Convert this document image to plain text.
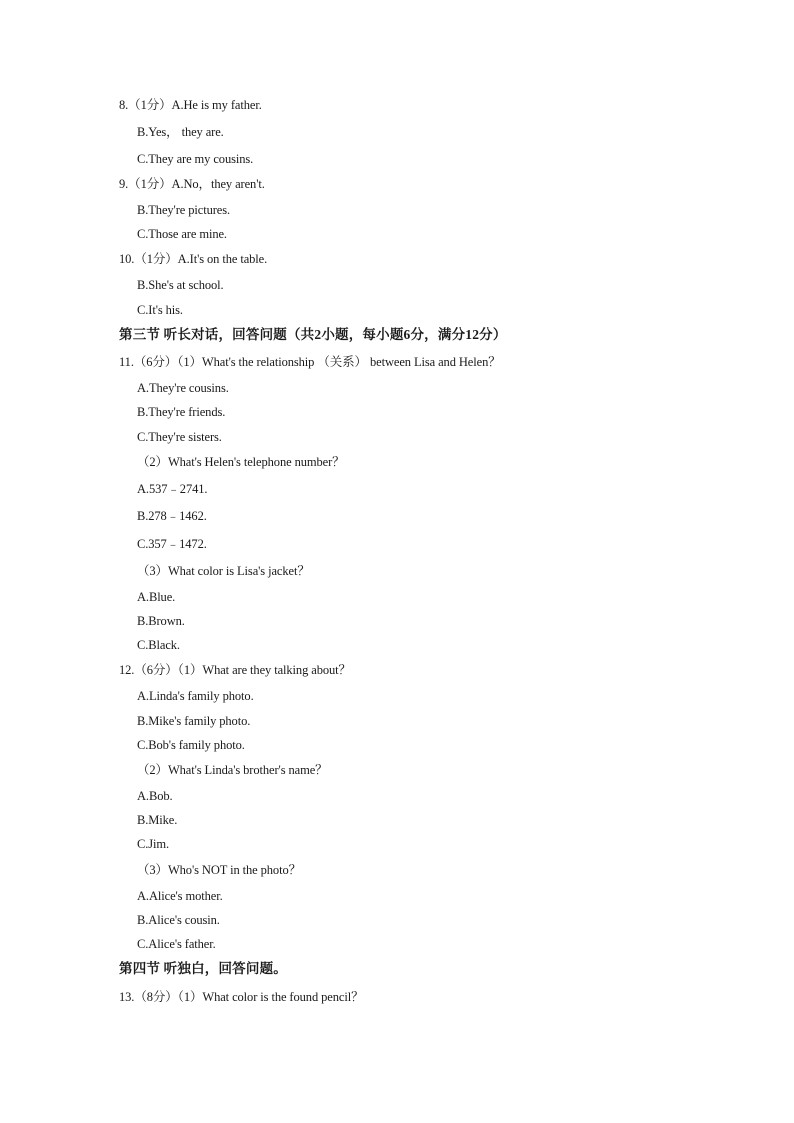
8.（1分）A.He is my father.
B.Yes， they are.
C.They are my cousins.
9.（1分）A.No，they aren't.
B.They're pictures.
C.Those are mine.
10.（1分）A.It's on the table.
B.She's at school.
C.It's his.
第三节 听长对话，回答问题（共2小题，每小题6分，满分12分）
11.（6分）（1）What's the relationship （关系） between Lisa and Helen？
A.They're cousins.
B.They're friends.
C.They're sisters.
（2）What's Helen's telephone number？
A.537﹣2741.
B.278﹣1462.
C.357﹣1472.
（3）What color is Lisa's jacket？
A.Blue.
B.Brown.
C.Black.
12.（6分）（1）What are they talking about？
A.Linda's family photo.
B.Mike's family photo.
C.Bob's family photo.
（2）What's Linda's brother's name？
A.Bob.
B.Mike.
C.Jim.
（3）Who's NOT in the photo？
A.Alice's mother.
B.Alice's cousin.
C.Alice's father.
第四节 听独白，回答问题。
13.（8分）（1）What color is the found pencil？
